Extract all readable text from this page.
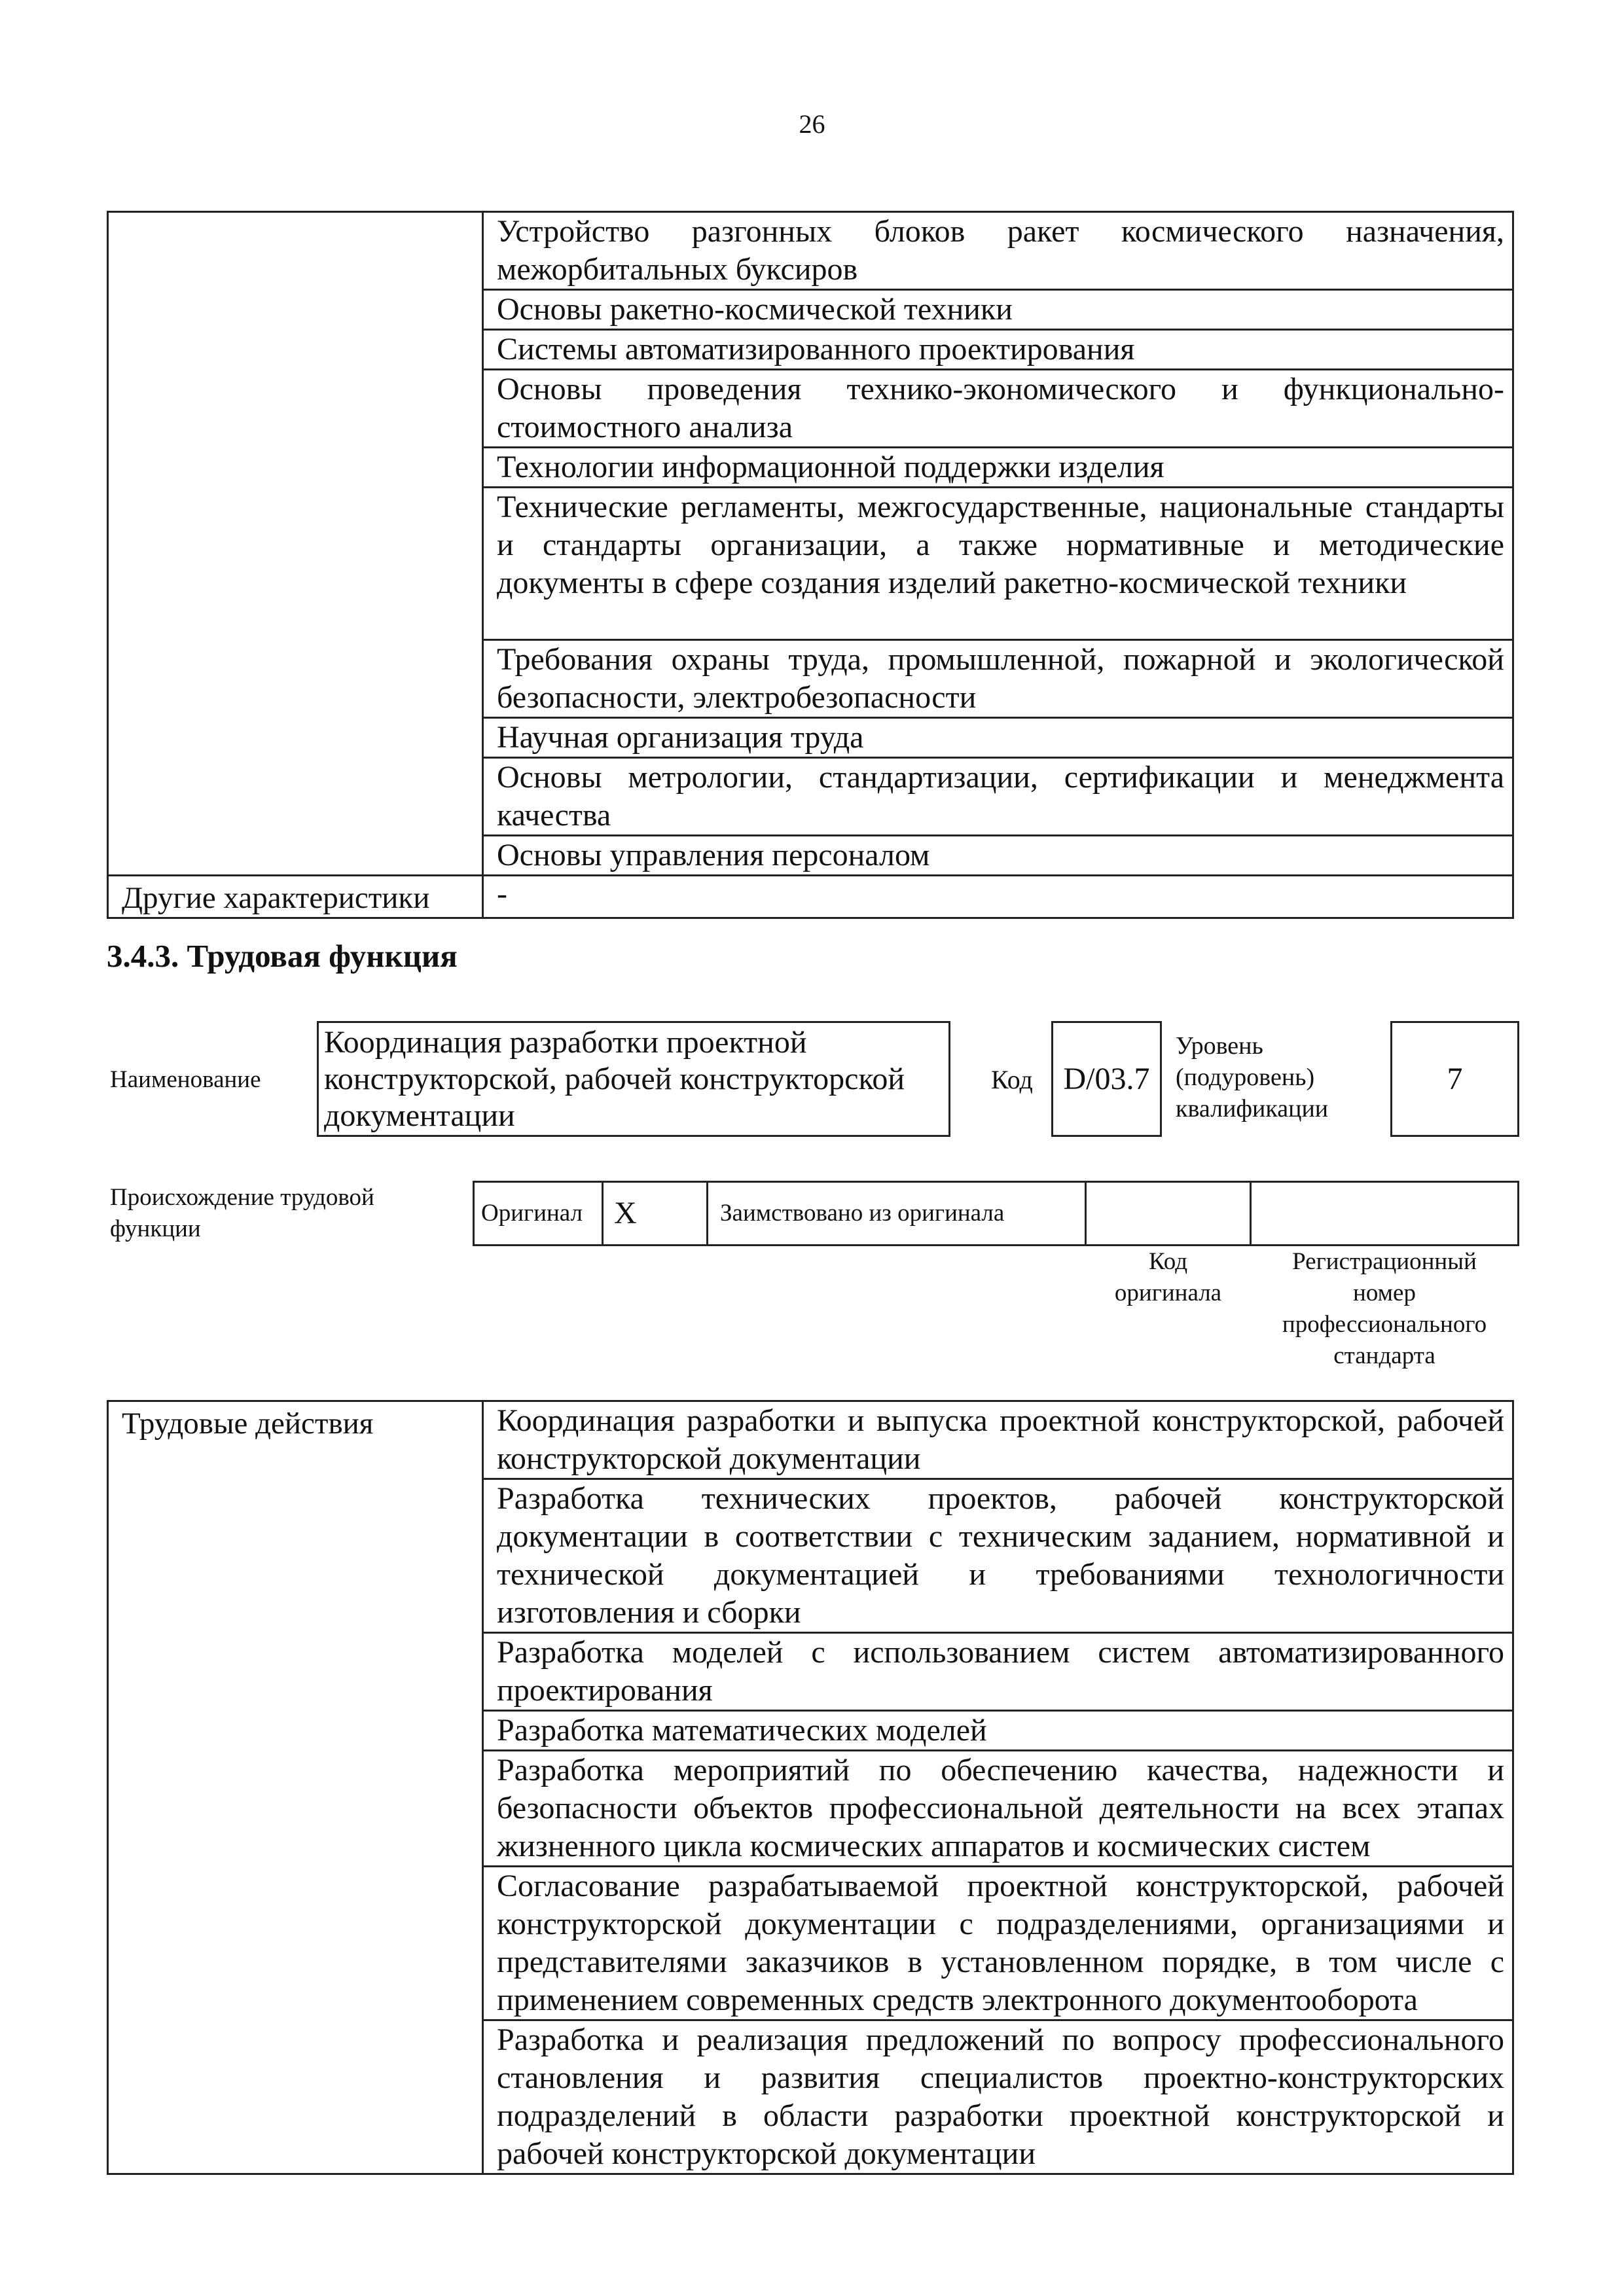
26
	Устройство разгонных блоков ракет космического назначения, межорбитальных буксиров
	Основы ракетно-космической техники
	Системы автоматизированного проектирования
	Основы проведения технико-экономического и функционально-стоимостного анализа
	Технологии информационной поддержки изделия
	Технические регламенты, межгосударственные, национальные стандарты и стандарты организации, а также нормативные и методические документы в сфере создания изделий ракетно-космической техники
	Требования охраны труда, промышленной, пожарной и экологической безопасности, электробезопасности
	Научная организация труда
	Основы метрологии, стандартизации, сертификации и менеджмента качества
	Основы управления персоналом
Другие характеристики	-
3.4.3. Трудовая функция
Наименование
Координация разработки проектной конструкторской, рабочей конструкторской документации
Код D/03.7
Уровень
(подуровень)
квалификации
7
Происхождение трудовой
функции
Оригинал X	Заимствовано из оригинала
Код
оригинала
Регистрационный
номер
профессионального
стандарта
Трудовые действия	Координация разработки и выпуска проектной конструкторской, рабочей конструкторской документации
Разработка технических проектов, рабочей конструкторской документации в соответствии с техническим заданием, нормативной и технической документацией и требованиями технологичности изготовления и сборки
Разработка моделей с использованием систем автоматизированного проектирования
Разработка математических моделей
Разработка мероприятий по обеспечению качества, надежности и безопасности объектов профессиональной деятельности на всех этапах жизненного цикла космических аппаратов и космических систем
Согласование разрабатываемой проектной конструкторской, рабочей конструкторской документации с подразделениями, организациями и представителями заказчиков в установленном порядке, в том числе с применением современных средств электронного документооборота
Разработка и реализация предложений по вопросу профессионального становления и развития специалистов проектно-конструкторских подразделений в области разработки проектной конструкторской и рабочей конструкторской документации
